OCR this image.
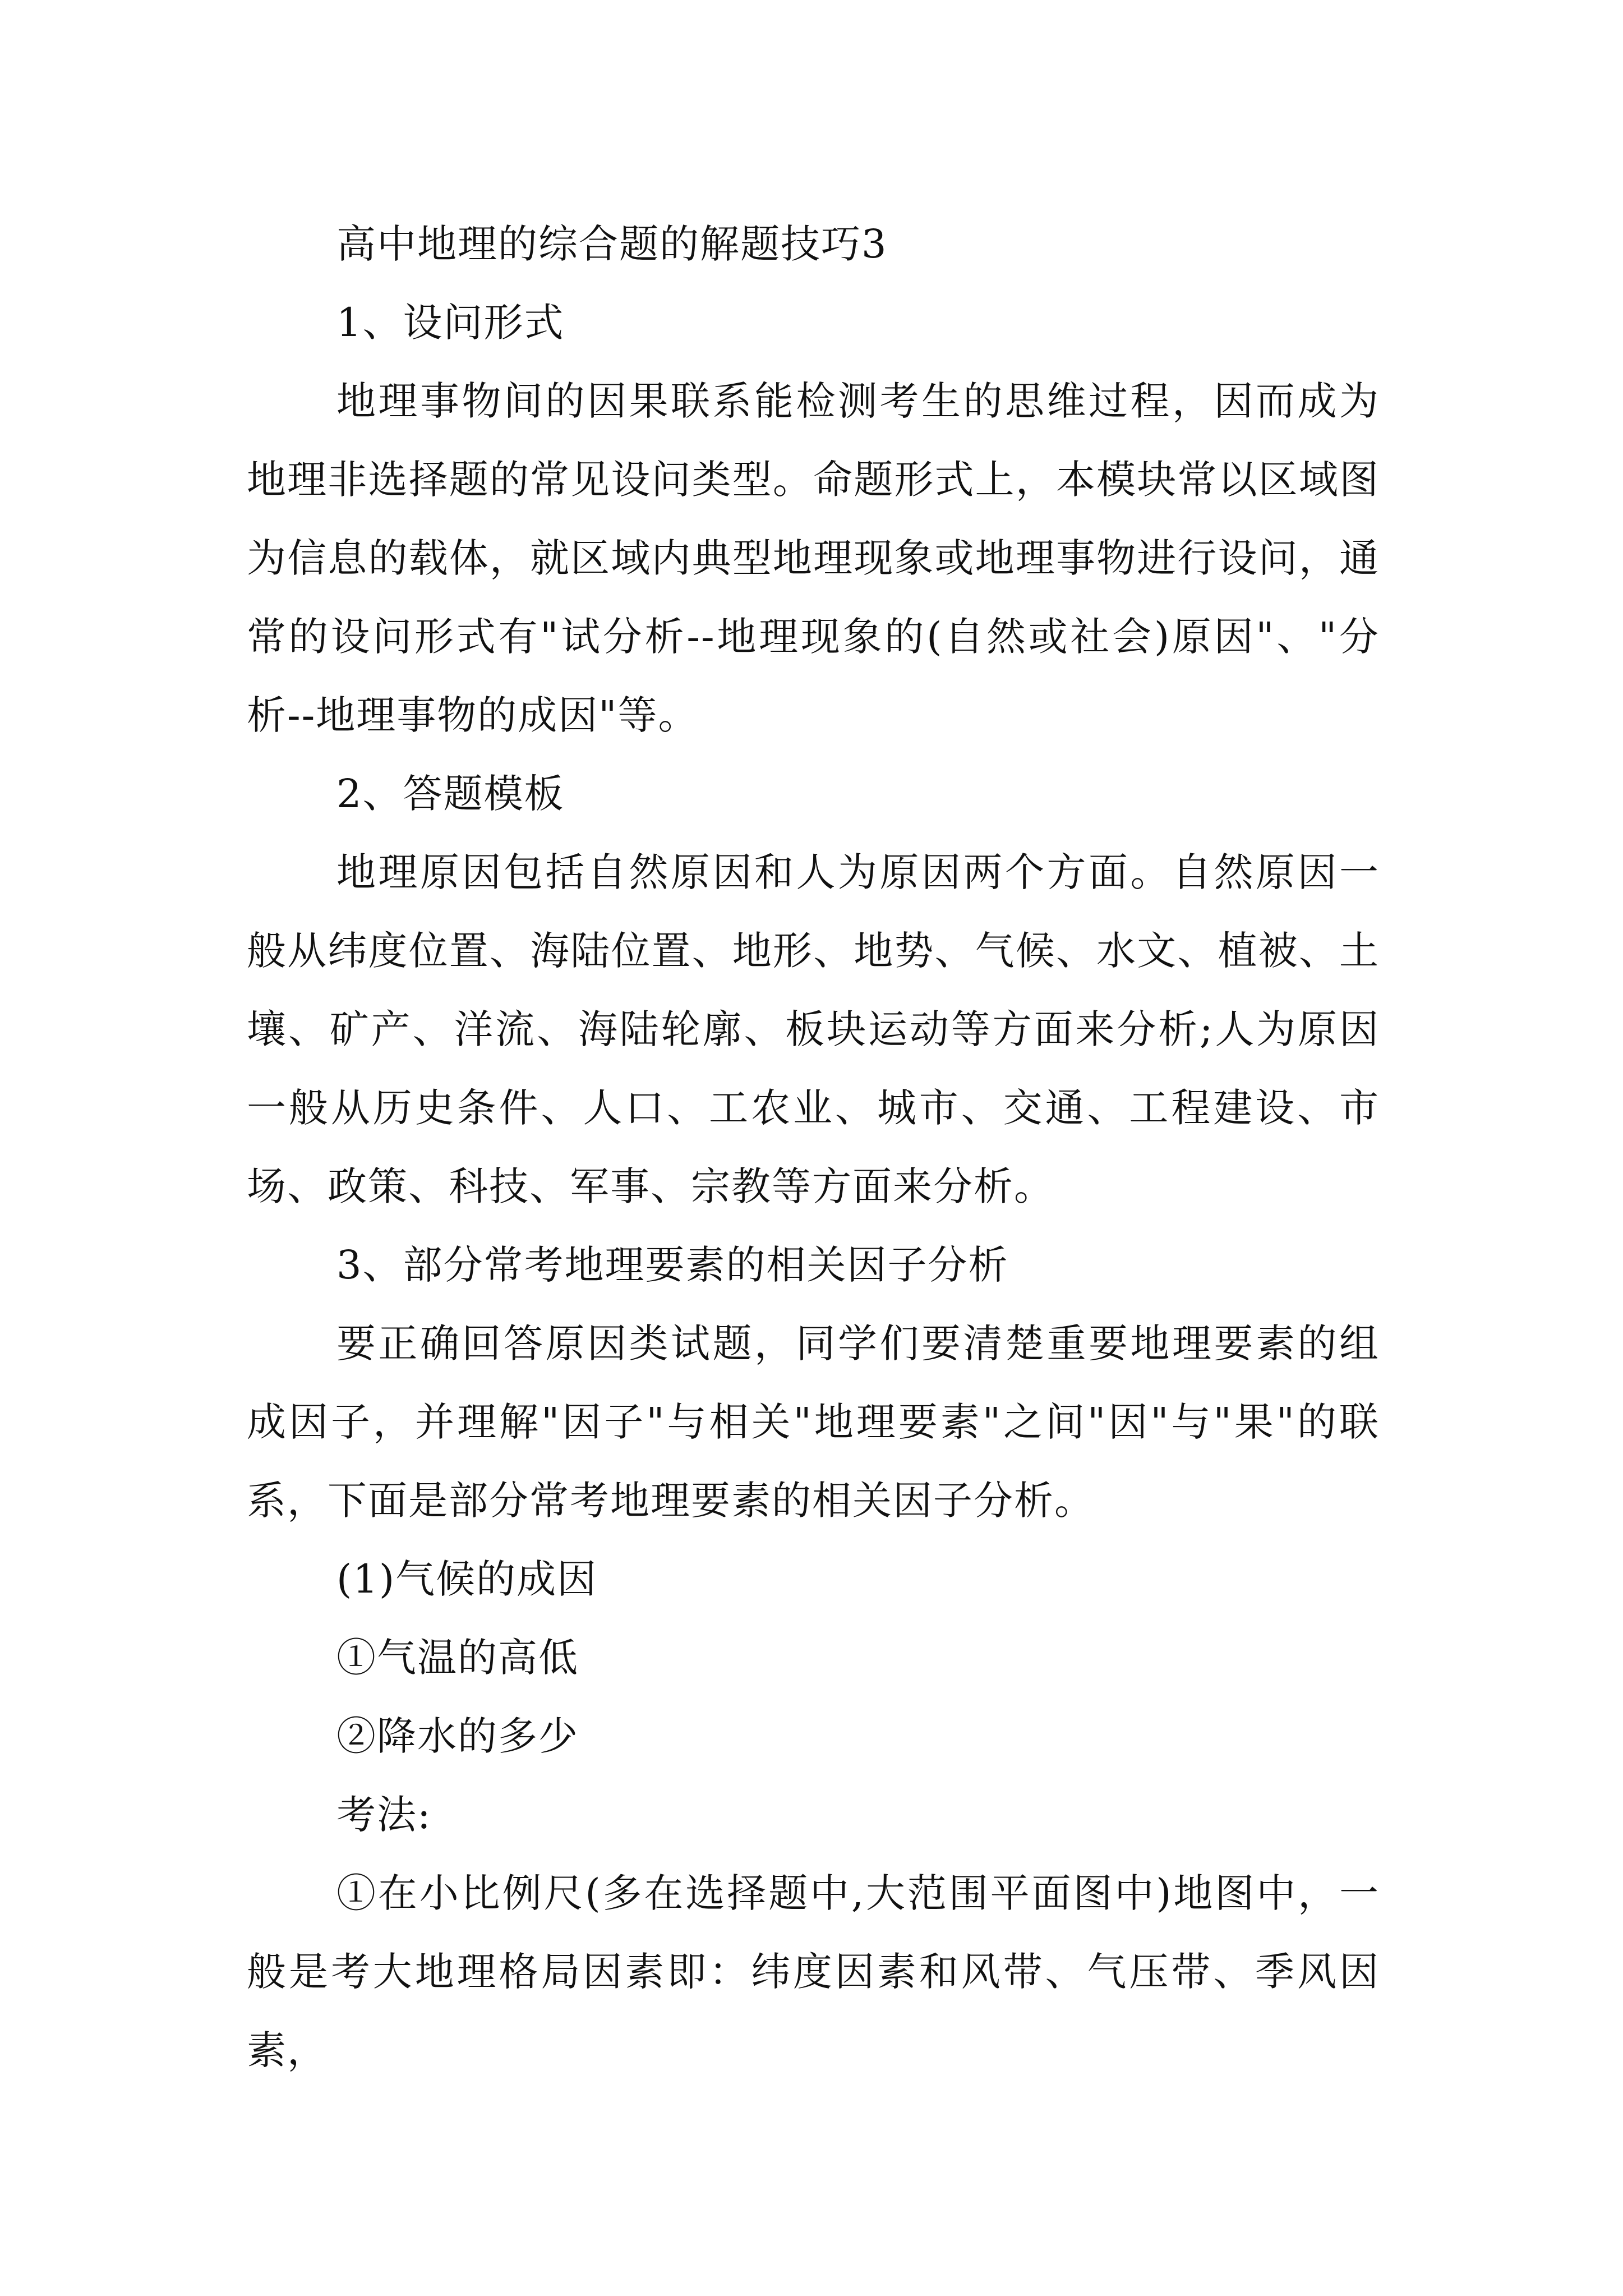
高中地理的综合题的解题技巧3

1、设问形式

地理事物间的因果联系能检测考生的思维过程，因而成为地理非选择题的常见设问类型。命题形式上，本模块常以区域图为信息的载体，就区域内典型地理现象或地理事物进行设问，通常的设问形式有"试分析--地理现象的(自然或社会)原因"、"分析--地理事物的成因"等。

2、答题模板

地理原因包括自然原因和人为原因两个方面。自然原因一般从纬度位置、海陆位置、地形、地势、气候、水文、植被、土壤、矿产、洋流、海陆轮廓、板块运动等方面来分析;人为原因一般从历史条件、人口、工农业、城市、交通、工程建设、市场、政策、科技、军事、宗教等方面来分析。

3、部分常考地理要素的相关因子分析

要正确回答原因类试题，同学们要清楚重要地理要素的组成因子，并理解"因子"与相关"地理要素"之间"因"与"果"的联系，下面是部分常考地理要素的相关因子分析。

(1)气候的成因

①气温的高低

②降水的多少

考法:

①在小比例尺(多在选择题中,大范围平面图中)地图中，一般是考大地理格局因素即：纬度因素和风带、气压带、季风因素，
